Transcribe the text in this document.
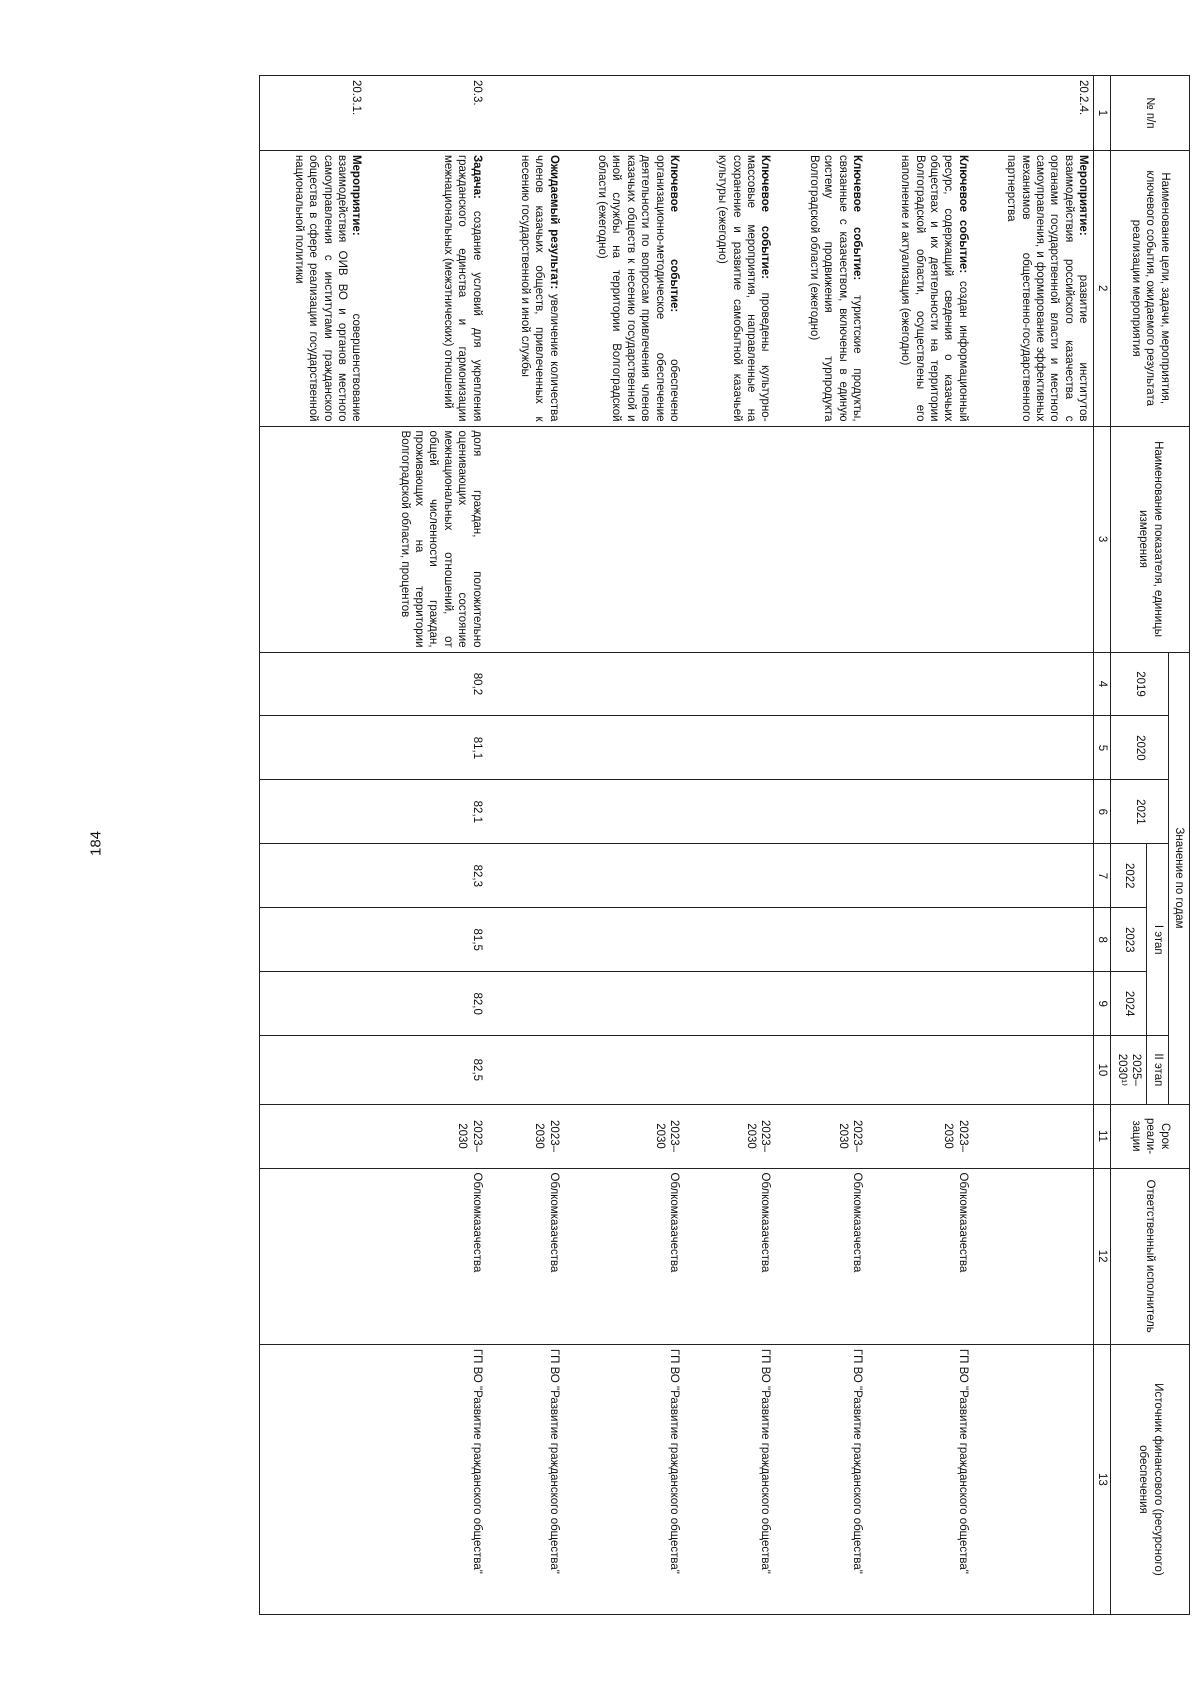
184
№ п/п	Наименование цели, задачи, мероприятия, ключевого события, ожидаемого результата реализации мероприятия	Наименование показателя, единицы измерения	Значение по годам							Срок реали-зации	Ответственный исполнитель	Источник финансового (ресурсного) обеспечения
			2019	2020	2021	I этап			II этап			
						2022	2023	2024	2025–2030¹⁾			
1	2	3	4	5	6	7	8	9	10	11	12	13
20.2.4.	Мероприятие: развитие институтов взаимодействия российского казачества с органами государственной власти и местного самоуправления, и формирование эффективных механизмов общественно-государственного партнерства											

	Ключевое событие: создан информационный ресурс, содержащий сведения о казачьих обществах и их деятельности на территории Волгоградской области, осуществлены его наполнение и актуализация (ежегодно)									2023–2030	Облкомказачества	ГП ВО "Развитие гражданского общества"

	Ключевое событие: туристские продукты, связанные с казачеством, включены в единую систему продвижения турпродукта Волгоградской области (ежегодно)									2023–2030	Облкомказачества	ГП ВО "Развитие гражданского общества"

	Ключевое событие: проведены культурно-массовые мероприятия, направленные на сохранение и развитие самобытной казачьей культуры (ежегодно)									2023–2030	Облкомказачества	ГП ВО "Развитие гражданского общества"

	Ключевое событие: обеспечено организационно-методическое обеспечение деятельности по вопросам привлечения членов казачьих обществ к несению государственной и иной службы на территории Волгоградской области (ежегодно)									2023–2030	Облкомказачества	ГП ВО "Развитие гражданского общества"

	Ожидаемый результат: увеличение количества членов казачьих обществ, привлеченных к несению государственной и иной службы									2023–2030	Облкомказачества	ГП ВО "Развитие гражданского общества"

20.3.	Задача: создание условий для укрепления гражданского единства и гармонизации межнациональных (межэтнических) отношений	доля граждан, положительно оценивающих состояние межнациональных отношений, от общей численности граждан, проживающих на территории Волгоградской области, процентов	80,2	81,1	82,1	82,3	81,5	82,0	82,5	2023–2030	Облкомказачества	ГП ВО "Развитие гражданского общества"

20.3.1.	Мероприятие: совершенствование взаимодействия ОИВ ВО и органов местного самоуправления с институтами гражданского общества в сфере реализации государственной национальной политики											
